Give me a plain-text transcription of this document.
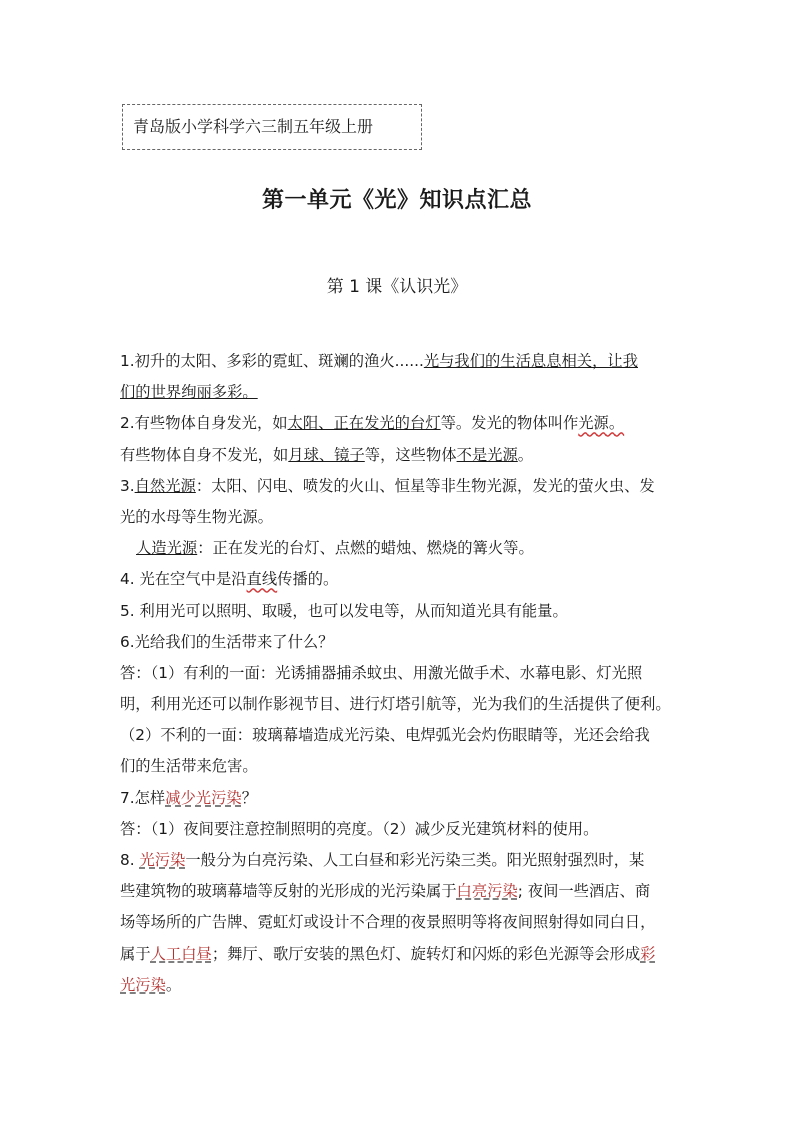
青岛版小学科学六三制五年级上册
第一单元《光》知识点汇总
第 1 课《认识光》
1.初升的太阳、多彩的霓虹、斑斓的渔火......光与我们的生活息息相关，让我
们的世界绚丽多彩。
2.有些物体自身发光，如太阳、正在发光的台灯等。发光的物体叫作光源。
有些物体自身不发光，如月球、镜子等，这些物体不是光源。
3.自然光源：太阳、闪电、喷发的火山、恒星等非生物光源，发光的萤火虫、发
光的水母等生物光源。
人造光源：正在发光的台灯、点燃的蜡烛、燃烧的篝火等。
4. 光在空气中是沿直线传播的。
5. 利用光可以照明、取暖，也可以发电等，从而知道光具有能量。
6.光给我们的生活带来了什么？
答：（1）有利的一面：光诱捕器捕杀蚊虫、用激光做手术、水幕电影、灯光照
明，利用光还可以制作影视节目、进行灯塔引航等，光为我们的生活提供了便利。
（2）不利的一面：玻璃幕墙造成光污染、电焊弧光会灼伤眼睛等，光还会给我
们的生活带来危害。
7.怎样减少光污染？
答：（1）夜间要注意控制照明的亮度。（2）减少反光建筑材料的使用。
8. 光污染一般分为白亮污染、人工白昼和彩光污染三类。阳光照射强烈时，某
些建筑物的玻璃幕墙等反射的光形成的光污染属于白亮污染; 夜间一些酒店、商
场等场所的广告牌、霓虹灯或设计不合理的夜景照明等将夜间照射得如同白日，
属于人工白昼；舞厅、歌厅安装的黑色灯、旋转灯和闪烁的彩色光源等会形成彩
光污染。
